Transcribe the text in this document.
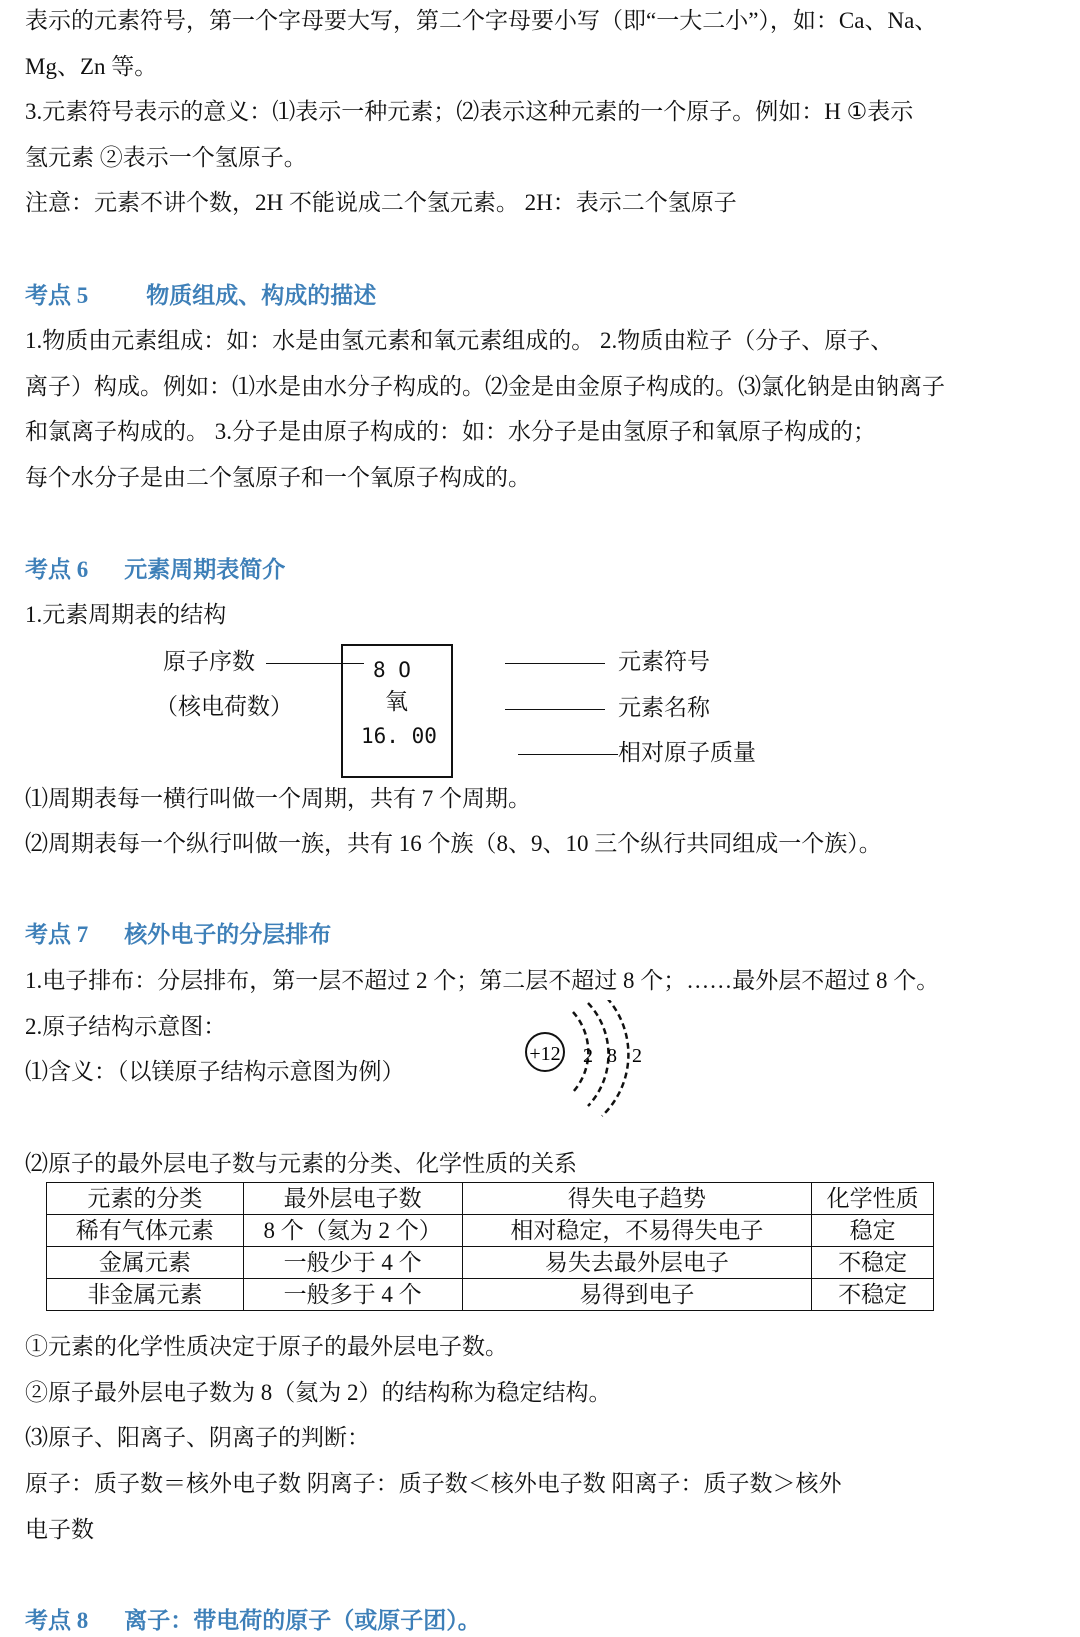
表示的元素符号，第一个字母要大写，第二个字母要小写（即“一大二小”），如：Ca、Na、
Mg、Zn 等。
3.元素符号表示的意义：⑴表示一种元素；⑵表示这种元素的一个原子。例如：H ①表示
氢元素 ②表示一个氢原子。
注意：元素不讲个数，2H 不能说成二个氢元素。 2H：表示二个氢原子
考点 5	物质组成、构成的描述
1.物质由元素组成：如：水是由氢元素和氧元素组成的。 2.物质由粒子（分子、原子、
离子）构成。例如：⑴水是由水分子构成的。⑵金是由金原子构成的。⑶氯化钠是由钠离子
和氯离子构成的。 3.分子是由原子构成的：如：水分子是由氢原子和氧原子构成的；
每个水分子是由二个氢原子和一个氧原子构成的。
考点 6 元素周期表简介
1.元素周期表的结构
原子序数
（核电荷数）
8 O
氧
16. 00
元素符号
元素名称
相对原子质量
⑴周期表每一横行叫做一个周期，共有 7 个周期。
⑵周期表每一个纵行叫做一族，共有 16 个族（8、9、10 三个纵行共同组成一个族）。
考点 7 核外电子的分层排布
1.电子排布：分层排布，第一层不超过 2 个；第二层不超过 8 个；……最外层不超过 8 个。
2.原子结构示意图：
⑴含义：（以镁原子结构示意图为例）
+12 2 8 2
⑵原子的最外层电子数与元素的分类、化学性质的关系
元素的分类	最外层电子数	得失电子趋势	化学性质
稀有气体元素	8 个（氦为 2 个）	相对稳定，不易得失电子	稳定
金属元素	一般少于 4 个	易失去最外层电子	不稳定
非金属元素	一般多于 4 个	易得到电子	不稳定
①元素的化学性质决定于原子的最外层电子数。
②原子最外层电子数为 8（氦为 2）的结构称为稳定结构。
⑶原子、阳离子、阴离子的判断：
原子：质子数＝核外电子数 阴离子：质子数＜核外电子数 阳离子：质子数＞核外
电子数
考点 8 离子：带电荷的原子（或原子团）。
